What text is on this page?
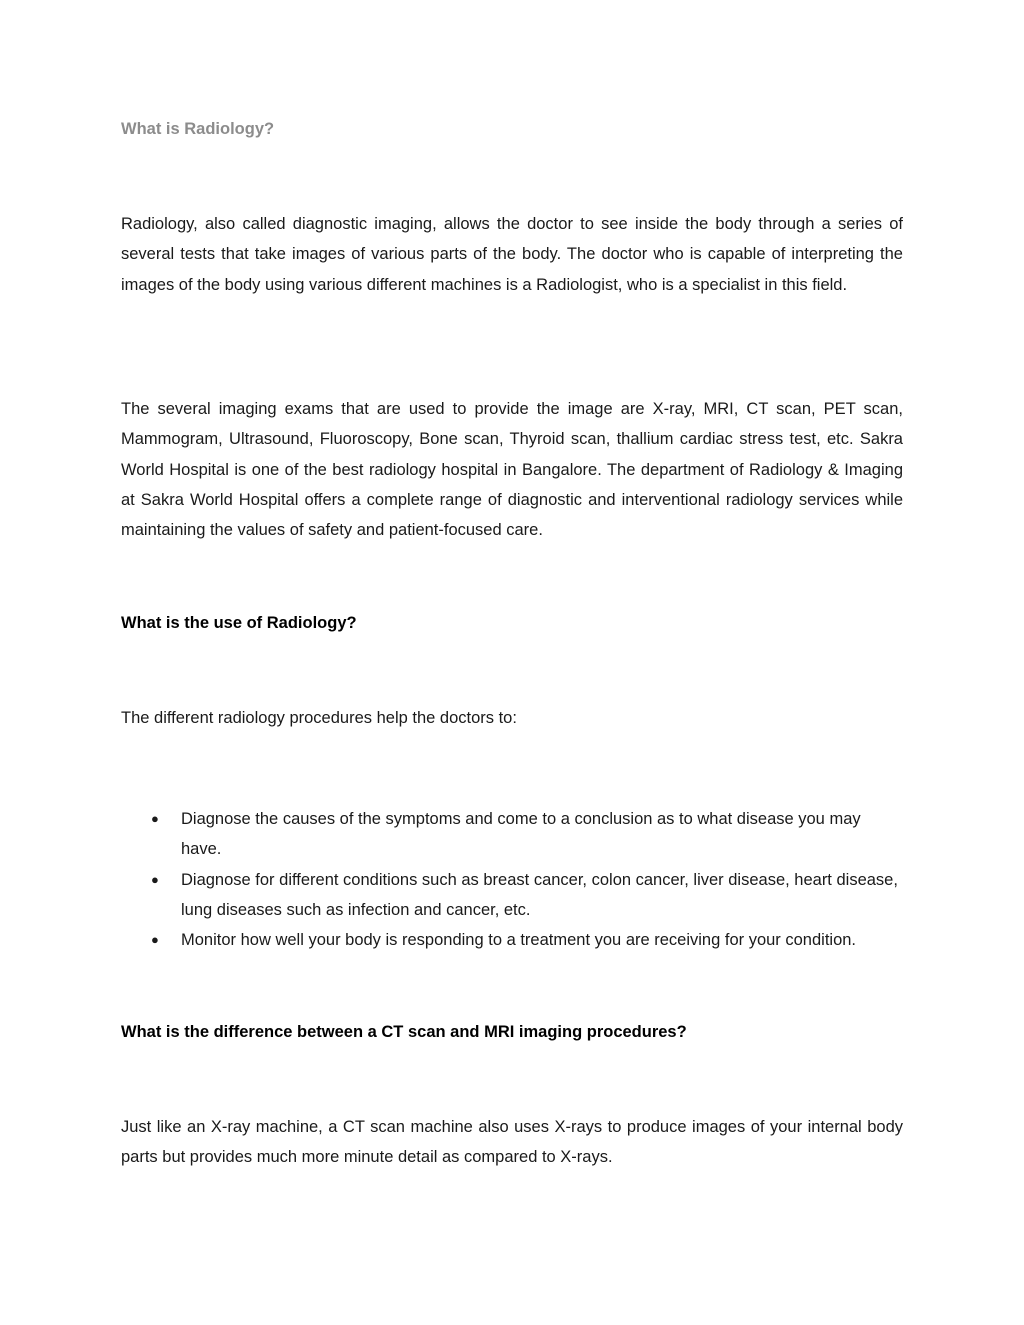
What is Radiology?

Radiology, also called diagnostic imaging, allows the doctor to see inside the body through a series of several tests that take images of various parts of the body. The doctor who is capable of interpreting the images of the body using various different machines is a Radiologist, who is a specialist in this field.

The several imaging exams that are used to provide the image are X-ray, MRI, CT scan, PET scan, Mammogram, Ultrasound, Fluoroscopy, Bone scan, Thyroid scan, thallium cardiac stress test, etc. Sakra World Hospital is one of the best radiology hospital in Bangalore. The department of Radiology & Imaging at Sakra World Hospital offers a complete range of diagnostic and interventional radiology services while maintaining the values of safety and patient-focused care.

What is the use of Radiology?

The different radiology procedures help the doctors to:

● Diagnose the causes of the symptoms and come to a conclusion as to what disease you may have.
● Diagnose for different conditions such as breast cancer, colon cancer, liver disease, heart disease, lung diseases such as infection and cancer, etc.
● Monitor how well your body is responding to a treatment you are receiving for your condition.
What is the difference between a CT scan and MRI imaging procedures?

Just like an X-ray machine, a CT scan machine also uses X-rays to produce images of your internal body parts but provides much more minute detail as compared to X-rays.
